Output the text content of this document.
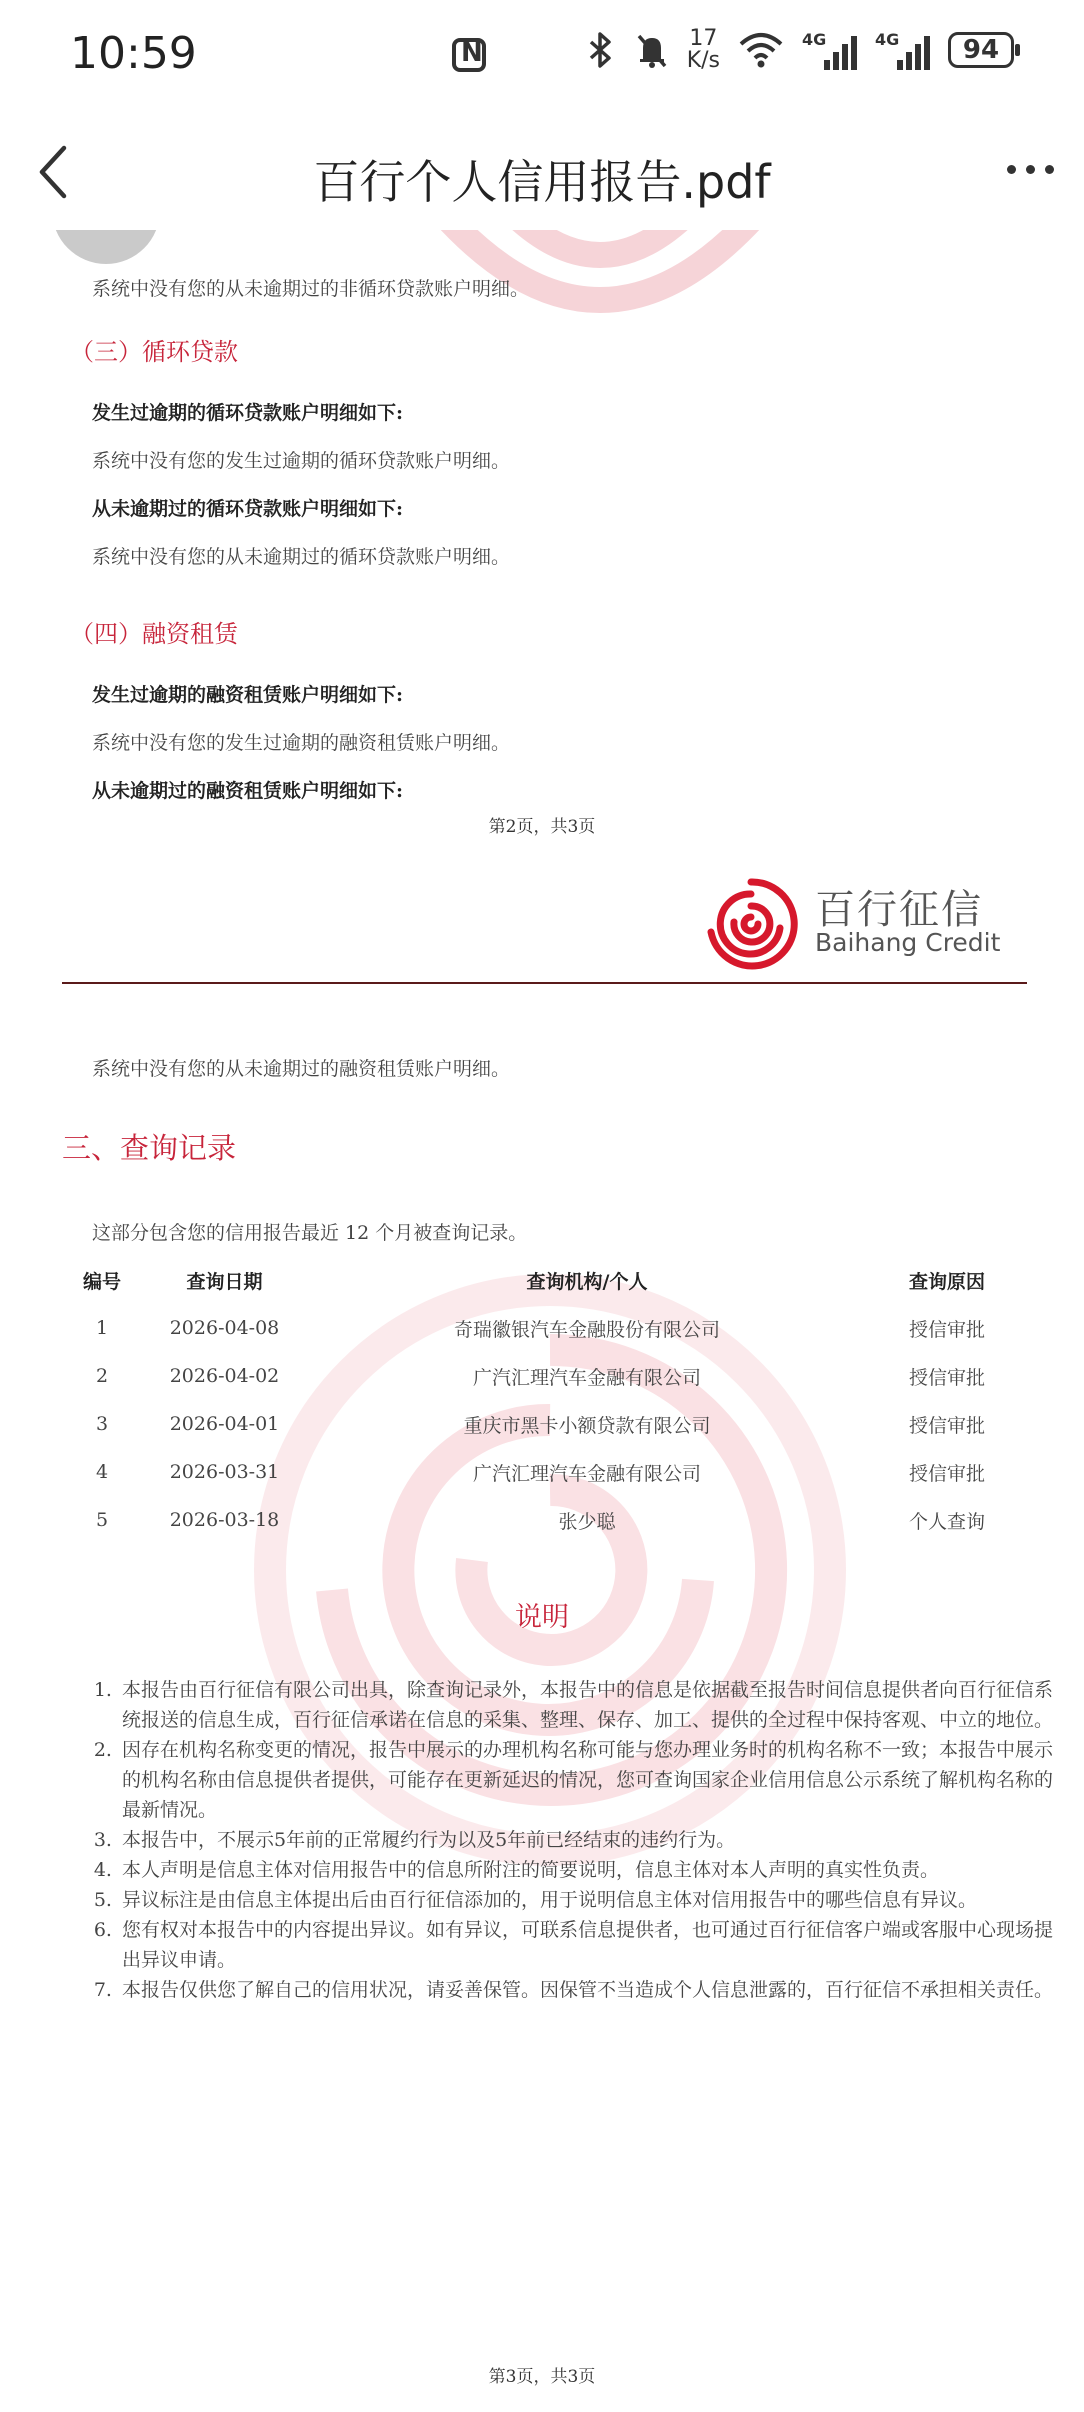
10:59 N	17
K/s
4G	4G	94
百行个人信用报告.pdf
系统中没有您的从未逾期过的非循环贷款账户明细。
（三）循环贷款
发生过逾期的循环贷款账户明细如下:
系统中没有您的发生过逾期的循环贷款账户明细。
从未逾期过的循环贷款账户明细如下:
系统中没有您的从未逾期过的循环贷款账户明细。
（四）融资租赁
发生过逾期的融资租赁账户明细如下:
系统中没有您的发生过逾期的融资租赁账户明细。
从未逾期过的融资租赁账户明细如下:
第2页，共3页
百行征信
Baihang Credit
系统中没有您的从未逾期过的融资租赁账户明细。
三、查询记录
这部分包含您的信用报告最近 12 个月被查询记录。
编号	查询日期	查询机构/个人	查询原因
1	2026-04-08	奇瑞徽银汽车金融股份有限公司	授信审批
2	2026-04-02	广汽汇理汽车金融有限公司	授信审批
3	2026-04-01	重庆市黑卡小额贷款有限公司	授信审批
4	2026-03-31	广汽汇理汽车金融有限公司	授信审批
5	2026-03-18	张少聪	个人查询
说明
1. 本报告由百行征信有限公司出具，除查询记录外，本报告中的信息是依据截至报告时间信息提供者向百行征信系统报送的信息生成，百行征信承诺在信息的采集、整理、保存、加工、提供的全过程中保持客观、中立的地位。
2. 因存在机构名称变更的情况，报告中展示的办理机构名称可能与您办理业务时的机构名称不一致；本报告中展示的机构名称由信息提供者提供，可能存在更新延迟的情况，您可查询国家企业信用信息公示系统了解机构名称的最新情况。
3. 本报告中，不展示5年前的正常履约行为以及5年前已经结束的违约行为。
4. 本人声明是信息主体对信用报告中的信息所附注的简要说明，信息主体对本人声明的真实性负责。
5. 异议标注是由信息主体提出后由百行征信添加的，用于说明信息主体对信用报告中的哪些信息有异议。
6. 您有权对本报告中的内容提出异议。如有异议，可联系信息提供者，也可通过百行征信客户端或客服中心现场提出异议申请。
7. 本报告仅供您了解自己的信用状况，请妥善保管。因保管不当造成个人信息泄露的，百行征信不承担相关责任。
第3页，共3页
